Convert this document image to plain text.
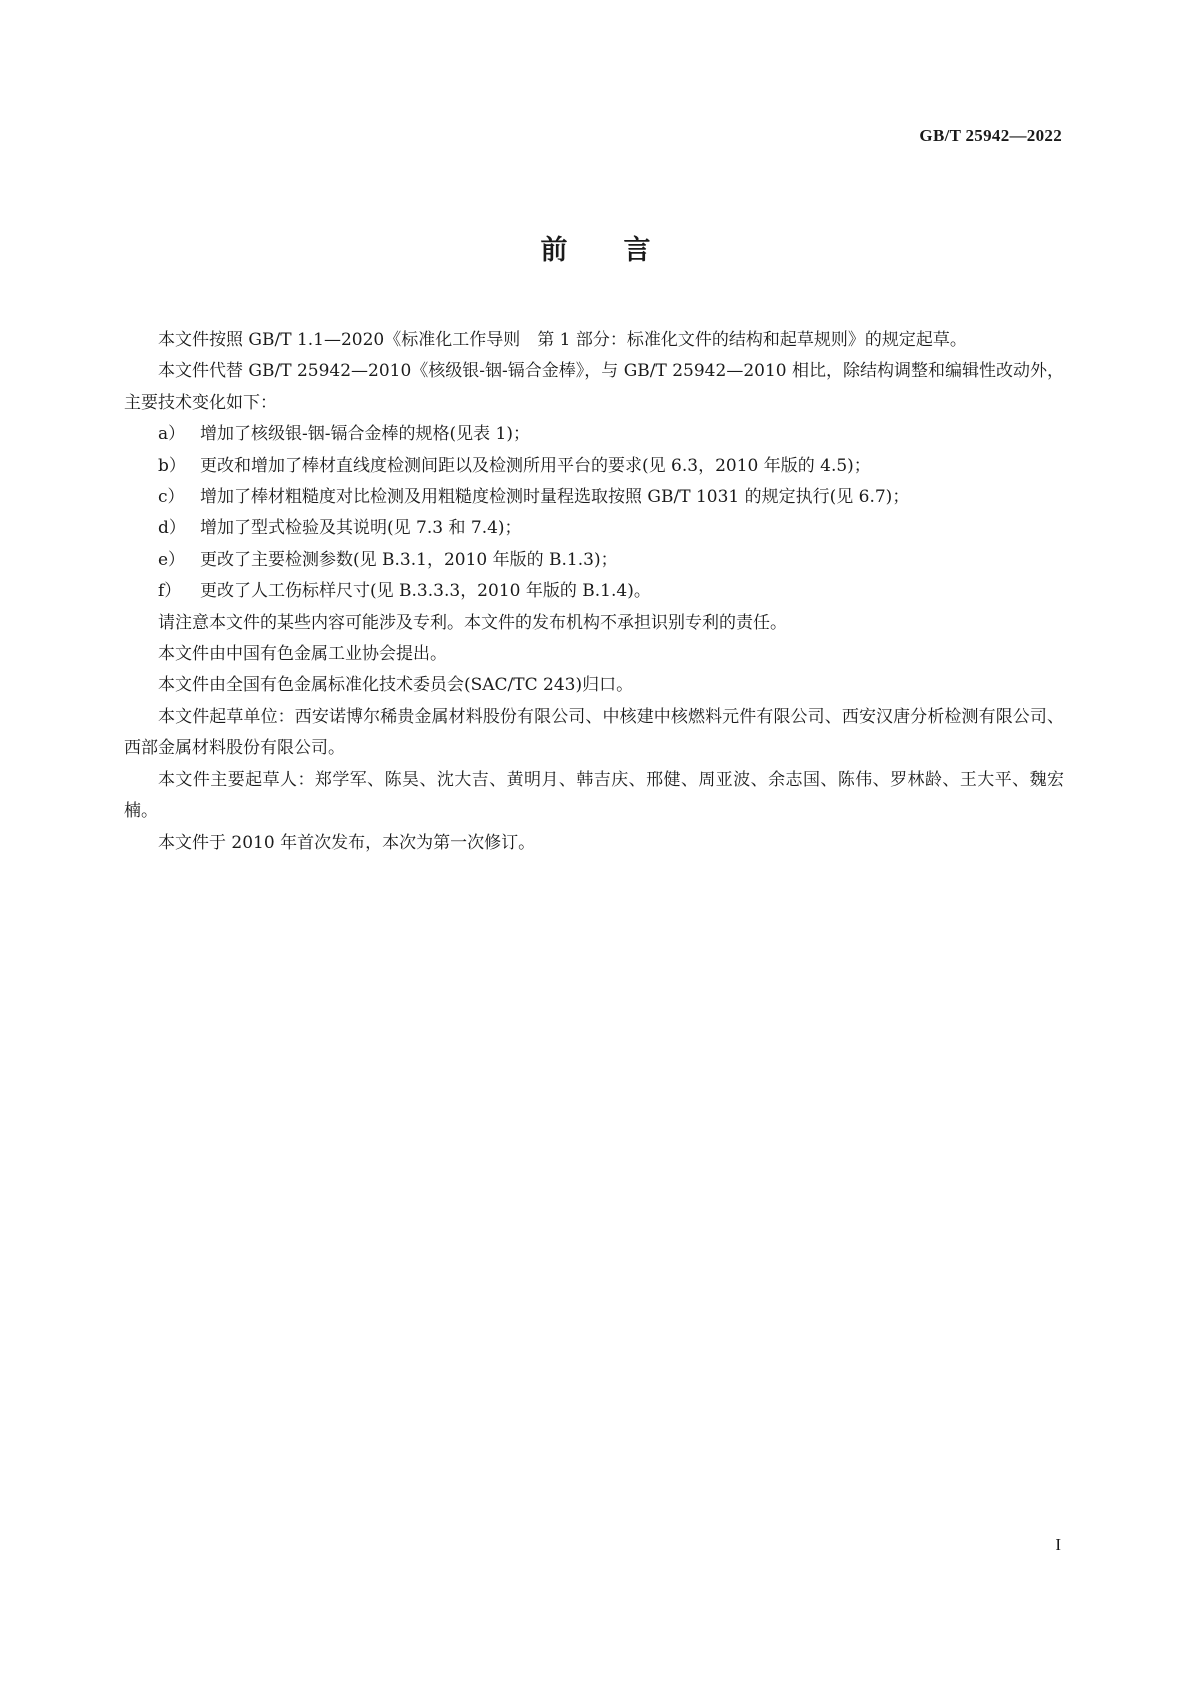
GB/T 25942—2022
前言

本文件按照 GB/T 1.1—2020《标准化工作导则　第 1 部分：标准化文件的结构和起草规则》的规定起草。

本文件代替 GB/T 25942—2010《核级银-铟-镉合金棒》，与 GB/T 25942—2010 相比，除结构调整和编辑性改动外，主要技术变化如下：

a） 增加了核级银-铟-镉合金棒的规格(见表 1)；
b） 更改和增加了棒材直线度检测间距以及检测所用平台的要求(见 6.3，2010 年版的 4.5)；
c） 增加了棒材粗糙度对比检测及用粗糙度检测时量程选取按照 GB/T 1031 的规定执行(见 6.7)；
d） 增加了型式检验及其说明(见 7.3 和 7.4)；
e） 更改了主要检测参数(见 B.3.1，2010 年版的 B.1.3)；
f） 更改了人工伤标样尺寸(见 B.3.3.3，2010 年版的 B.1.4)。

请注意本文件的某些内容可能涉及专利。本文件的发布机构不承担识别专利的责任。

本文件由中国有色金属工业协会提出。

本文件由全国有色金属标准化技术委员会(SAC/TC 243)归口。

本文件起草单位：西安诺博尔稀贵金属材料股份有限公司、中核建中核燃料元件有限公司、西安汉唐分析检测有限公司、西部金属材料股份有限公司。

本文件主要起草人：郑学军、陈昊、沈大吉、黄明月、韩吉庆、邢健、周亚波、余志国、陈伟、罗林龄、王大平、魏宏楠。

本文件于 2010 年首次发布，本次为第一次修订。

I
